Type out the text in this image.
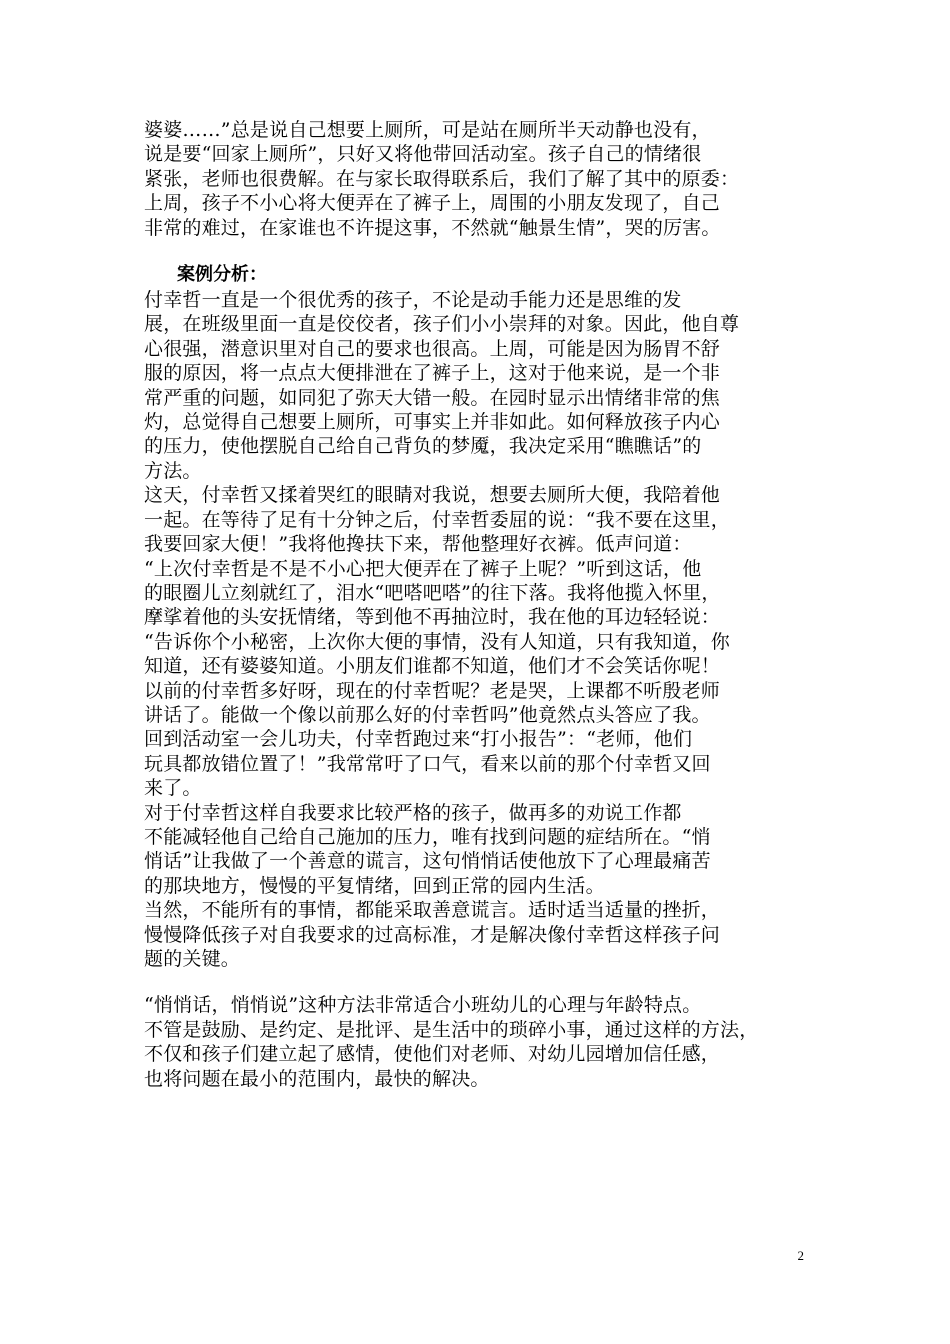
婆婆……”总是说自己想要上厕所，可是站在厕所半天动静也没有，
说是要“回家上厕所”，只好又将他带回活动室。孩子自己的情绪很
紧张，老师也很费解。在与家长取得联系后，我们了解了其中的原委：
上周，孩子不小心将大便弄在了裤子上，周围的小朋友发现了，自己
非常的难过，在家谁也不许提这事，不然就“触景生情”，哭的厉害。

案例分析：

付幸哲一直是一个很优秀的孩子，不论是动手能力还是思维的发
展，在班级里面一直是佼佼者，孩子们小小崇拜的对象。因此，他自尊
心很强，潜意识里对自己的要求也很高。上周，可能是因为肠胃不舒
服的原因，将一点点大便排泄在了裤子上，这对于他来说，是一个非
常严重的问题，如同犯了弥天大错一般。在园时显示出情绪非常的焦
灼，总觉得自己想要上厕所，可事实上并非如此。如何释放孩子内心
的压力，使他摆脱自己给自己背负的梦魇，我决定采用“瞧瞧话”的
方法。

这天，付幸哲又揉着哭红的眼睛对我说，想要去厕所大便，我陪着他
一起。在等待了足有十分钟之后，付幸哲委屈的说：“我不要在这里，
我要回家大便！”我将他搀扶下来，帮他整理好衣裤。低声问道：
“上次付幸哲是不是不小心把大便弄在了裤子上呢？”听到这话，他
的眼圈儿立刻就红了，泪水“吧嗒吧嗒”的往下落。我将他揽入怀里，
摩挲着他的头安抚情绪，等到他不再抽泣时，我在他的耳边轻轻说：
“告诉你个小秘密，上次你大便的事情，没有人知道，只有我知道，你
知道，还有婆婆知道。小朋友们谁都不知道，他们才不会笑话你呢！
以前的付幸哲多好呀，现在的付幸哲呢？老是哭，上课都不听殷老师
讲话了。能做一个像以前那么好的付幸哲吗”他竟然点头答应了我。
回到活动室一会儿功夫，付幸哲跑过来“打小报告”：“老师，他们
玩具都放错位置了！”我常常吁了口气，看来以前的那个付幸哲又回
来了。

对于付幸哲这样自我要求比较严格的孩子，做再多的劝说工作都
不能减轻他自己给自己施加的压力，唯有找到问题的症结所在。“悄
悄话”让我做了一个善意的谎言，这句悄悄话使他放下了心理最痛苦
的那块地方，慢慢的平复情绪，回到正常的园内生活。

当然，不能所有的事情，都能采取善意谎言。适时适当适量的挫折，
慢慢降低孩子对自我要求的过高标准，才是解决像付幸哲这样孩子问
题的关键。

“悄悄话，悄悄说”这种方法非常适合小班幼儿的心理与年龄特点。
不管是鼓励、是约定、是批评、是生活中的琐碎小事，通过这样的方法，
不仅和孩子们建立起了感情，使他们对老师、对幼儿园增加信任感，
也将问题在最小的范围内，最快的解决。

2
